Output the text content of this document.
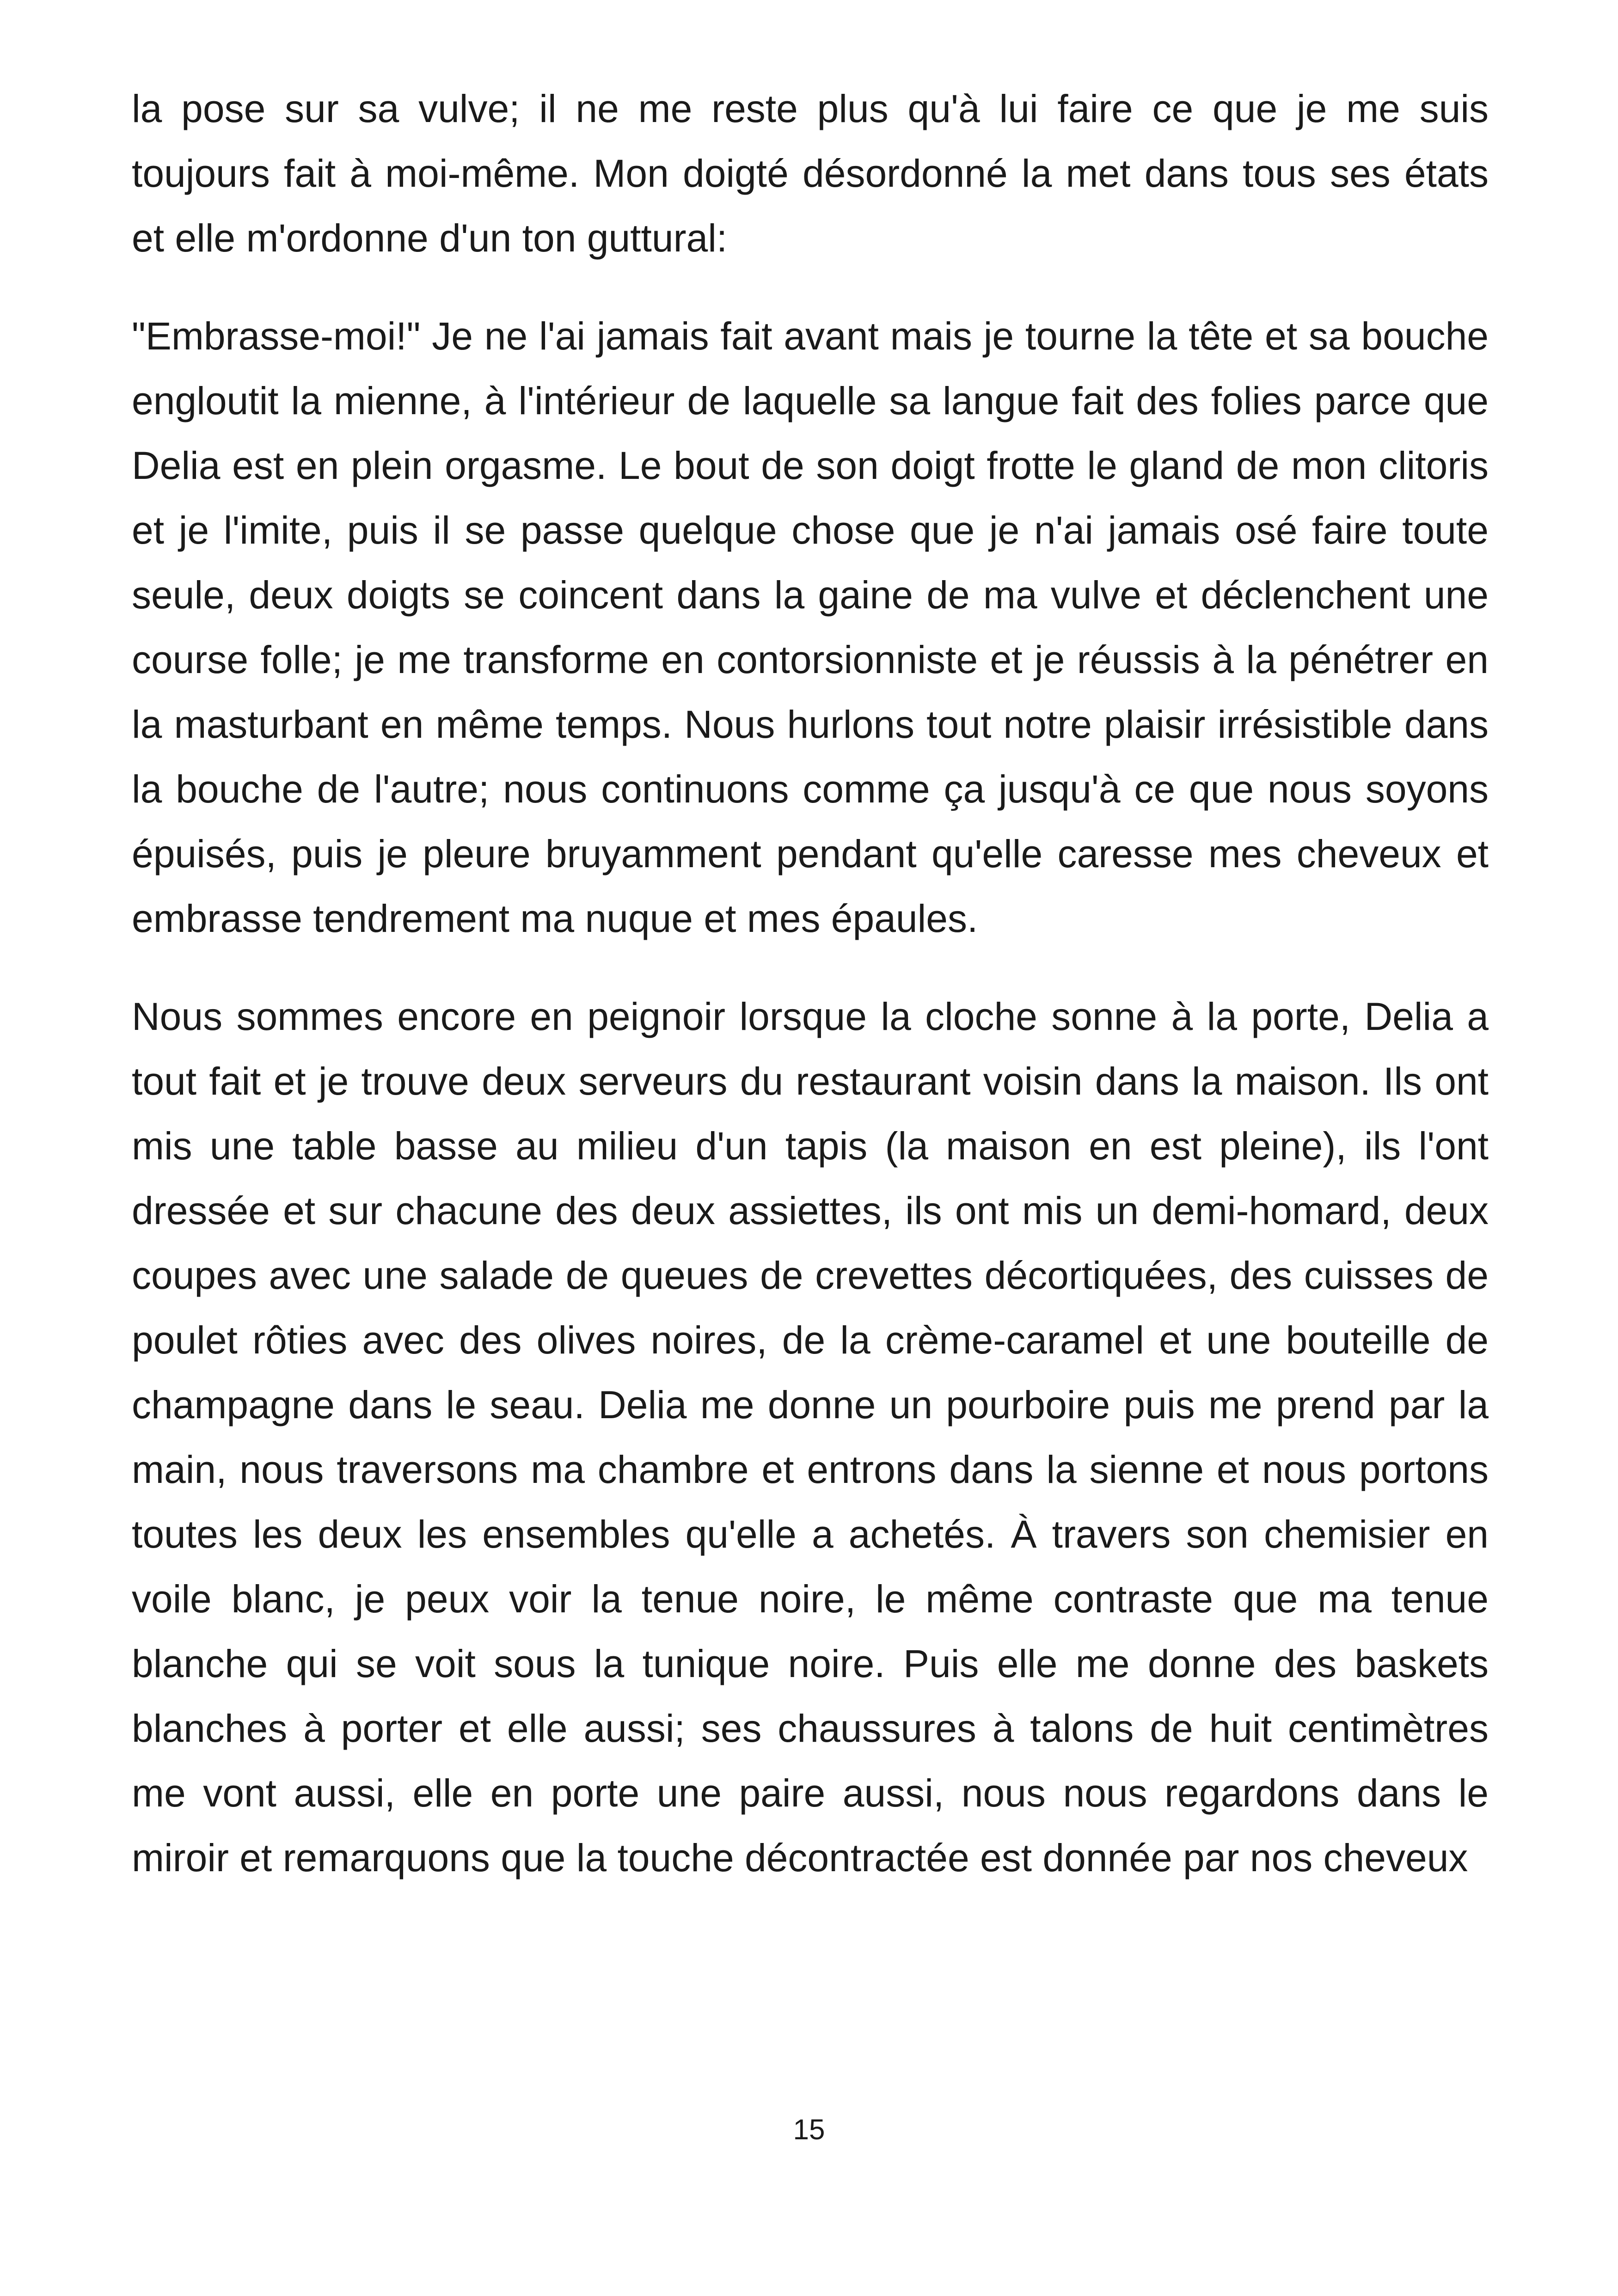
la pose sur sa vulve; il ne me reste plus qu'à lui faire ce que je me suis toujours fait à moi-même. Mon doigté désordonné la met dans tous ses états et elle m'ordonne d'un ton guttural:

"Embrasse-moi!" Je ne l'ai jamais fait avant mais je tourne la tête et sa bouche engloutit la mienne, à l'intérieur de laquelle sa langue fait des folies parce que Delia est en plein orgasme. Le bout de son doigt frotte le gland de mon clitoris et je l'imite, puis il se passe quelque chose que je n'ai jamais osé faire toute seule, deux doigts se coincent dans la gaine de ma vulve et déclenchent une course folle; je me transforme en contorsionniste et je réussis à la pénétrer en la masturbant en même temps. Nous hurlons tout notre plaisir irrésistible dans la bouche de l'autre; nous continuons comme ça jusqu'à ce que nous soyons épuisés, puis je pleure bruyamment pendant qu'elle caresse mes cheveux et embrasse tendrement ma nuque et mes épaules.

Nous sommes encore en peignoir lorsque la cloche sonne à la porte, Delia a tout fait et je trouve deux serveurs du restaurant voisin dans la maison. Ils ont mis une table basse au milieu d'un tapis (la maison en est pleine), ils l'ont dressée et sur chacune des deux assiettes, ils ont mis un demi-homard, deux coupes avec une salade de queues de crevettes décortiquées, des cuisses de poulet rôties avec des olives noires, de la crème-caramel et une bouteille de champagne dans le seau. Delia me donne un pourboire puis me prend par la main, nous traversons ma chambre et entrons dans la sienne et nous portons toutes les deux les ensembles qu'elle a achetés. À travers son chemisier en voile blanc, je peux voir la tenue noire, le même contraste que ma tenue blanche qui se voit sous la tunique noire. Puis elle me donne des baskets blanches à porter et elle aussi; ses chaussures à talons de huit centimètres me vont aussi, elle en porte une paire aussi, nous nous regardons dans le miroir et remarquons que la touche décontractée est donnée par nos cheveux

15
